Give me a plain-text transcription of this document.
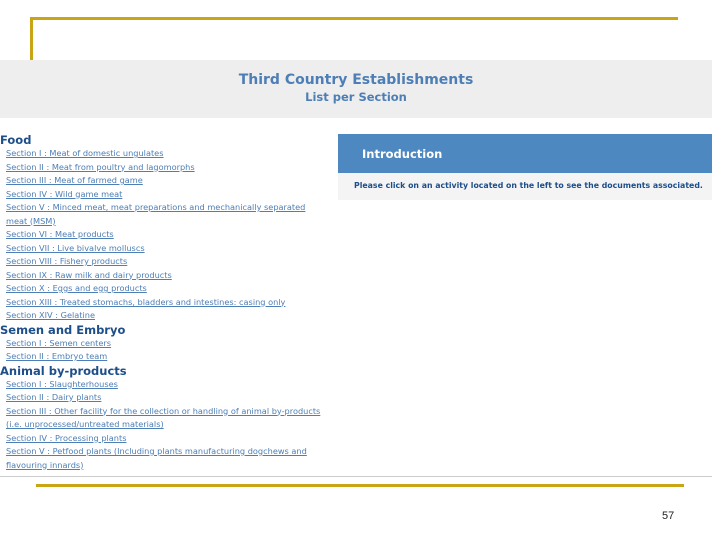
Third Country Establishments
List per Section
Food
Section I : Meat of domestic ungulates
Section II : Meat from poultry and lagomorphs
Section III : Meat of farmed game
Section IV : Wild game meat
Section V : Minced meat, meat preparations and mechanically separated
meat (MSM)
Section VI : Meat products
Section VII : Live bivalve molluscs
Section VIII : Fishery products
Section IX : Raw milk and dairy products
Section X : Eggs and egg products
Section XIII : Treated stomachs, bladders and intestines: casing only
Section XIV : Gelatine
Semen and Embryo
Section I : Semen centers
Section II : Embryo team
Animal by-products
Section I : Slaughterhouses
Section II : Dairy plants
Section III : Other facility for the collection or handling of animal by-products
(i.e. unprocessed/untreated materials)
Section IV : Processing plants
Section V : Petfood plants (Including plants manufacturing dogchews and
flavouring innards)
Introduction
Please click on an activity located on the left to see the documents associated.
57
